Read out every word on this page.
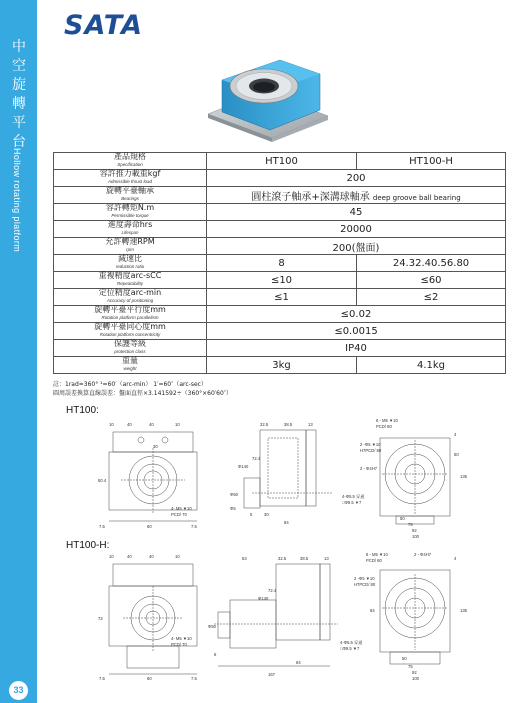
中
空
旋
轉
平
台
Hollow rotating platform
33
SATA
產品規格
Specification	HT100	HT100-H

容許推力載重kgf
Admissible thrust load	200	

旋轉平臺軸承
Bearings	圓柱滾子軸承+深溝球軸承 deep groove ball bearing	

容許轉矩N.m
Permissible torque	45	

進度壽命hrs
Lifespan	20000	

允許轉速RPM
rpm	200(盤面)	

減速比
reduction ratio	8	24.32.40.56.80

重複精度arc-sCC
Repeatability	≤10	≤60

定位精度arc-min
Accuracy of positioning	≤1	≤2

旋轉平臺平行度mm
Rotation platform parallelism	≤0.02	

旋轉平臺同心度mm
Rotation platform concentricity	≤0.0015	

保護等級
protection class	IP40	

重量
weight	3kg	4.1kg
註：1rad=360° ¹=60′（arc-min） 1′=60″（arc-sec）
圓周誤差換算直線誤差：盤面直徑×3.141592÷（360°×60′60″）
HT100:
10	40	40	10
50.4
4- M5 ▼10
PCD/ 70
7.5	60	7.5
30
32.5	38.5	13
72.4
Φ140
Φ50
Φ5
5	30
84
6 - M5 ▼10
PCD/ 80
2 -Φ5 ▼10
H7PCD/ 80
2 - Φ4H7
4-Φ5.5 穿通
□Φ9.5 ▼7
4
50
135
50
75
92
100
HT100-H:
10	40	40	10
72
4- M5 ▼10
PCD/ 70
7.5	60	7.5
63	32.5	38.5	13
72.4
Φ140
Φ50
6
84
167
6 - M5 ▼10
PCD/ 80
2 - Φ4H7
2 -Φ5 ▼10
H7PCD/ 80
4-Φ5.5 穿通
□Φ9.5 ▼7
4
84	135
50
75
92
100
